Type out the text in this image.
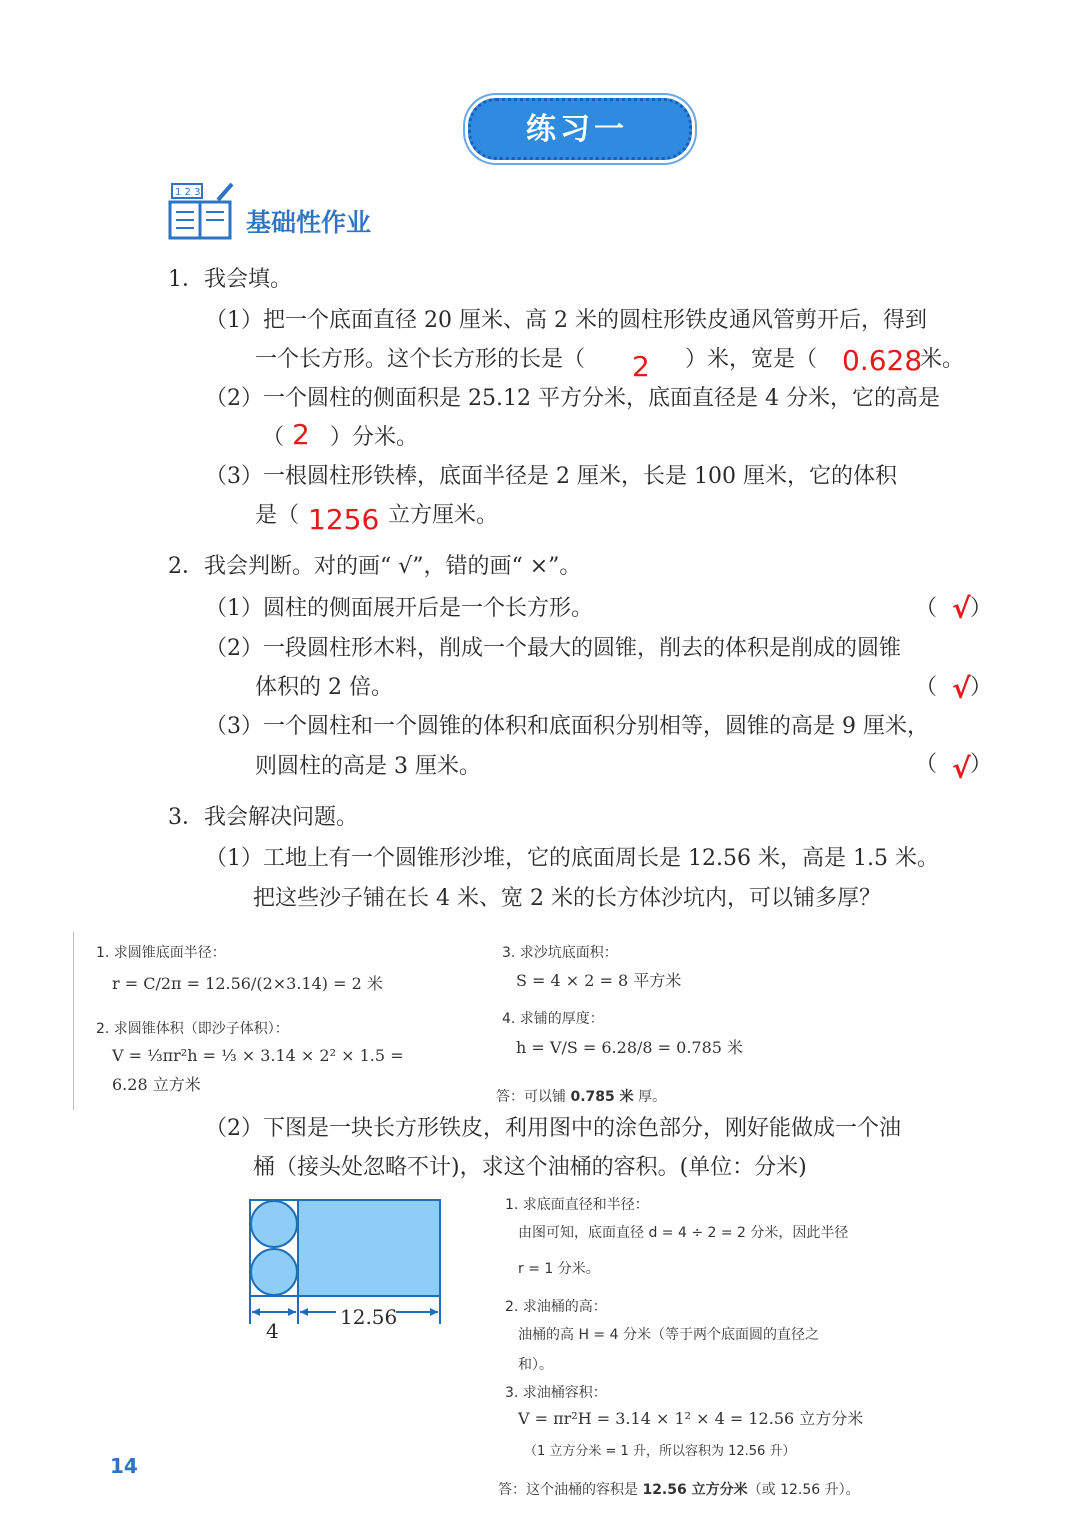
练习一
1 2 3
基础性作业
1．我会填。
（1）把一个底面直径 20 厘米、高 2 米的圆柱形铁皮通风管剪开后，得到
一个长方形。这个长方形的长是（ 2 ）米，宽是（ 0.628
米。
（2）一个圆柱的侧面积是 25.12 平方分米，底面直径是 4 分米，它的高是
（ 2 ）分米。
（3）一根圆柱形铁棒，底面半径是 2 厘米，长是 100 厘米，它的体积
是（ 1256 立方厘米。
2．我会判断。对的画“ √”，错的画“ ×”。
（1）圆柱的侧面展开后是一个长方形。	（ √ ）
（2）一段圆柱形木料，削成一个最大的圆锥，削去的体积是削成的圆锥
体积的 2 倍。	（ √ ）
（3）一个圆柱和一个圆锥的体积和底面积分别相等，圆锥的高是 9 厘米，
则圆柱的高是 3 厘米。	（ √ ）
3．我会解决问题。
（1）工地上有一个圆锥形沙堆，它的底面周长是 12.56 米，高是 1.5 米。
把这些沙子铺在长 4 米、宽 2 米的长方体沙坑内，可以铺多厚？
1. 求圆锥底面半径：
r = C/2π = 12.56/(2×3.14) = 2 米
2. 求圆锥体积（即沙子体积）：
V = ⅓πr²h = ⅓ × 3.14 × 2² × 1.5 =
6.28 立方米
3. 求沙坑底面积：
S = 4 × 2 = 8 平方米
4. 求铺的厚度：
h = V/S = 6.28/8 = 0.785 米
答：可以铺 0.785 米 厚。
（2）下图是一块长方形铁皮，利用图中的涂色部分，刚好能做成一个油
桶（接头处忽略不计)，求这个油桶的容积。(单位：分米)
4
12.56
1. 求底面直径和半径：
由图可知，底面直径 d = 4 ÷ 2 = 2 分米，因此半径
r = 1 分米。
2. 求油桶的高：
油桶的高 H = 4 分米（等于两个底面圆的直径之
和）。
3. 求油桶容积：
V = πr²H = 3.14 × 1² × 4 = 12.56 立方分米
（1 立方分米 = 1 升，所以容积为 12.56 升）
答：这个油桶的容积是 12.56 立方分米（或 12.56 升）。
14
